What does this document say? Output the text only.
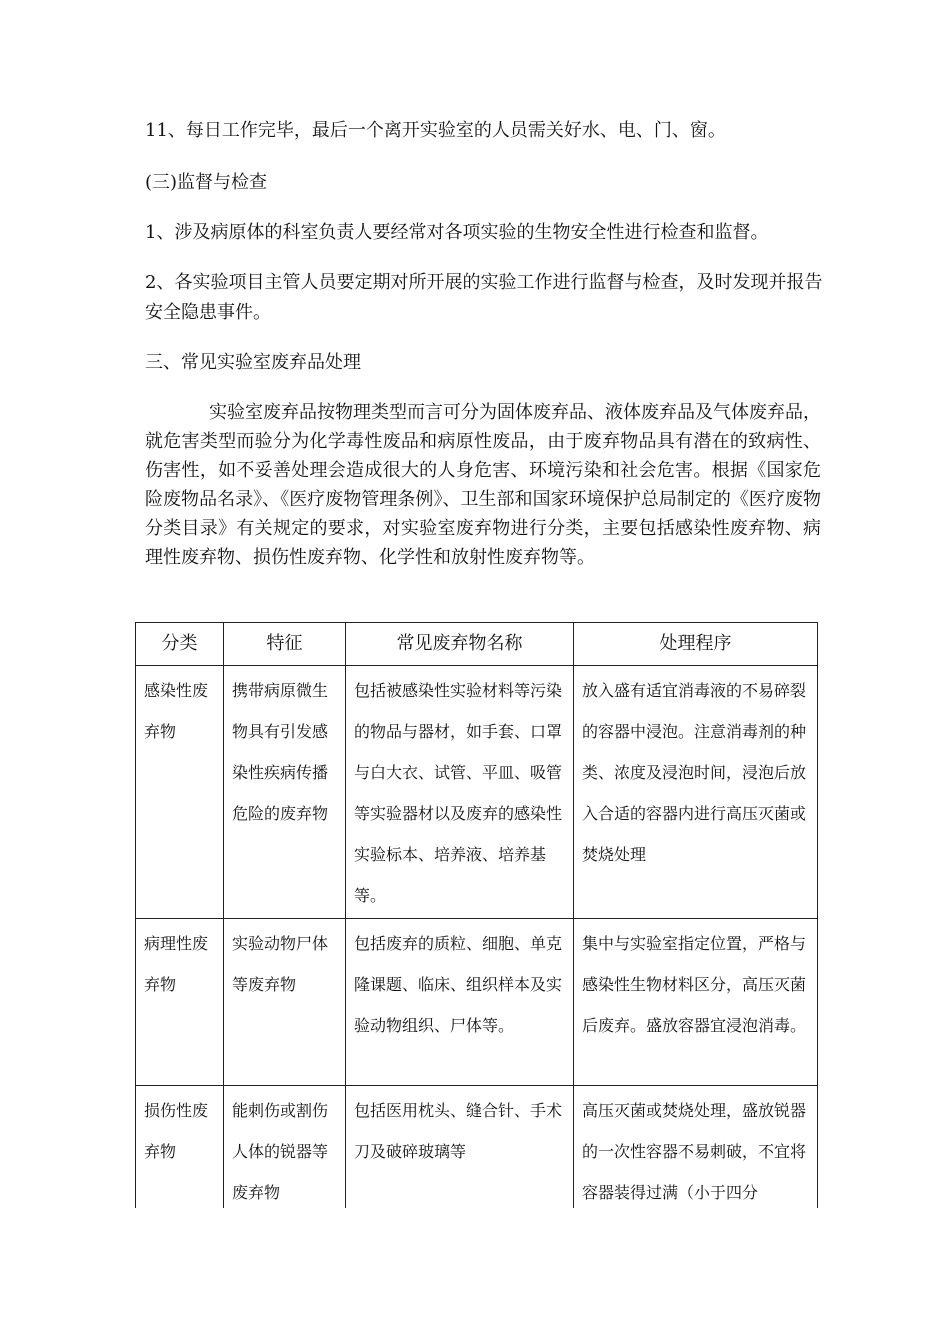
11、每日工作完毕，最后一个离开实验室的人员需关好水、电、门、窗。

(三)监督与检查

1、涉及病原体的科室负责人要经常对各项实验的生物安全性进行检查和监督。

2、各实验项目主管人员要定期对所开展的实验工作进行监督与检查，及时发现并报告安全隐患事件。

三、常见实验室废弃品处理

实验室废弃品按物理类型而言可分为固体废弃品、液体废弃品及气体废弃品，就危害类型而验分为化学毒性废品和病原性废品，由于废弃物品具有潜在的致病性、伤害性，如不妥善处理会造成很大的人身危害、环境污染和社会危害。根据《国家危险废物品名录》、《医疗废物管理条例》、卫生部和国家环境保护总局制定的《医疗废物分类目录》有关规定的要求，对实验室废弃物进行分类，主要包括感染性废弃物、病理性废弃物、损伤性废弃物、化学性和放射性废弃物等。

分类	特征	常见废弃物名称	处理程序
感染性废弃物	携带病原微生物具有引发感染性疾病传播危险的废弃物	包括被感染性实验材料等污染的物品与器材，如手套、口罩与白大衣、试管、平皿、吸管等实验器材以及废弃的感染性实验标本、培养液、培养基等。	放入盛有适宜消毒液的不易碎裂的容器中浸泡。注意消毒剂的种类、浓度及浸泡时间，浸泡后放入合适的容器内进行高压灭菌或焚烧处理
病理性废弃物	实验动物尸体等废弃物	包括废弃的质粒、细胞、单克隆课题、临床、组织样本及实验动物组织、尸体等。	集中与实验室指定位置，严格与感染性生物材料区分，高压灭菌后废弃。盛放容器宜浸泡消毒。
损伤性废弃物	能刺伤或割伤人体的锐器等废弃物	包括医用枕头、缝合针、手术刀及破碎玻璃等	高压灭菌或焚烧处理，盛放锐器的一次性容器不易刺破，不宜将容器装得过满（小于四分
